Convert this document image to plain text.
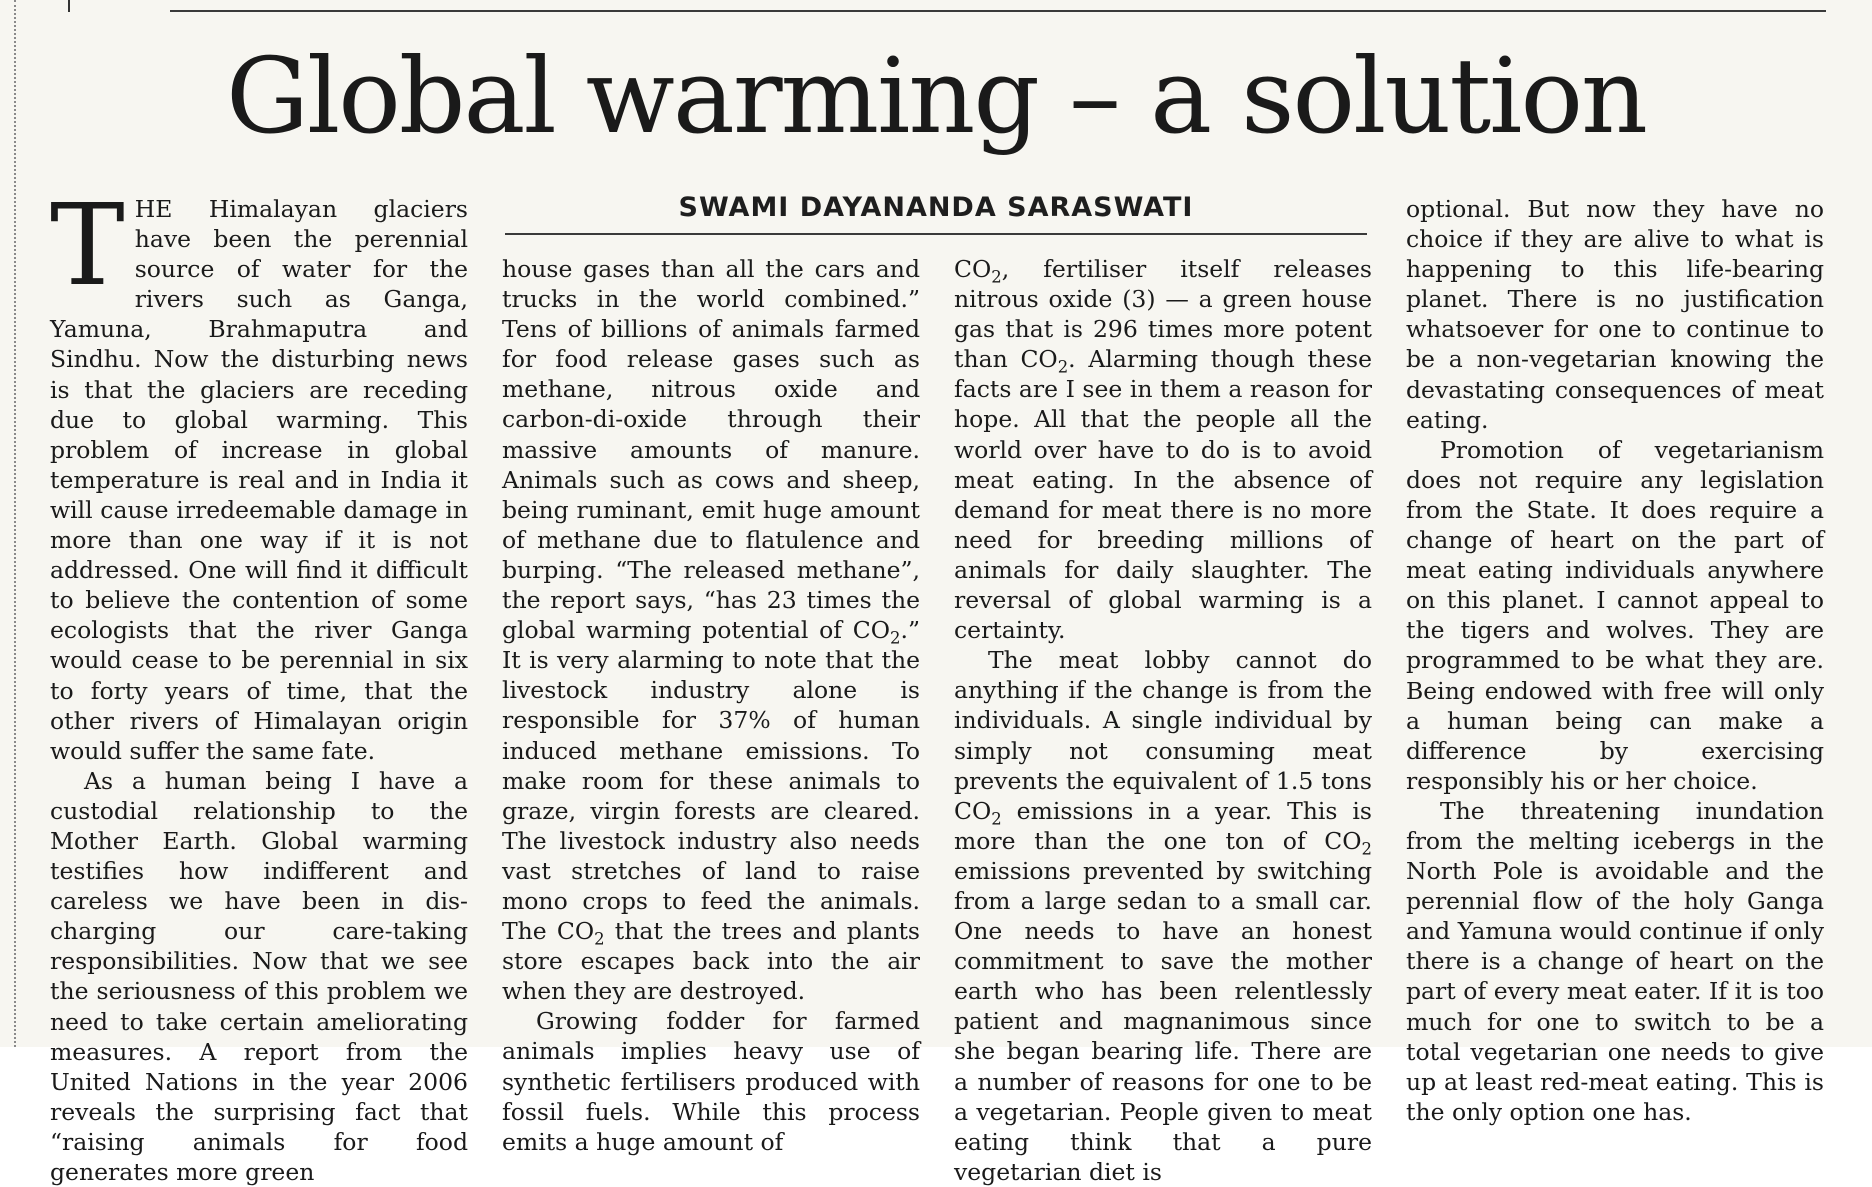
Global warming – a solution
SWAMI DAYANANDA SARASWATI

THE Himalayan glaciers have been the perennial source of water for the rivers such as Ganga, Yamuna, Brahmaputra and Sindhu. Now the disturbing news is that the glaciers are receding due to global warming. This problem of increase in global temperature is real and in India it will cause irredeemable damage in more than one way if it is not addressed. One will find it difficult to believe the contention of some ecologists that the river Ganga would cease to be perennial in six to forty years of time, that the other rivers of Himalayan origin would suffer the same fate.

As a human being I have a custodial relationship to the Mother Earth. Global warming testifies how indifferent and careless we have been in discharging our care-taking responsibilities. Now that we see the seriousness of this problem we need to take certain ameliorating measures. A report from the United Nations in the year 2006 reveals the surprising fact that “raising animals for food generates more green

house gases than all the cars and trucks in the world combined.” Tens of billions of animals farmed for food release gases such as methane, nitrous oxide and carbon-di-oxide through their massive amounts of manure. Animals such as cows and sheep, being ruminant, emit huge amount of methane due to flatulence and burping. “The released methane”, the report says, “has 23 times the global warming potential of $CO_2$.” It is very alarming to note that the livestock industry alone is responsible for 37% of human induced methane emissions. To make room for these animals to graze, virgin forests are cleared. The livestock industry also needs vast stretches of land to raise mono crops to feed the animals. The $CO_2$ that the trees and plants store escapes back into the air when they are destroyed.

Growing fodder for farmed animals implies heavy use of synthetic fertilisers produced with fossil fuels. While this process emits a huge amount of

$CO_2$, fertiliser itself releases nitrous oxide (3) — a green house gas that is 296 times more potent than $CO_2$. Alarming though these facts are I see in them a reason for hope. All that the people all the world over have to do is to avoid meat eating. In the absence of demand for meat there is no more need for breeding millions of animals for daily slaughter. The reversal of global warming is a certainty.

The meat lobby cannot do anything if the change is from the individuals. A single individual by simply not consuming meat prevents the equivalent of 1.5 tons $CO_2$ emissions in a year. This is more than the one ton of $CO_2$ emissions prevented by switching from a large sedan to a small car. One needs to have an honest commitment to save the mother earth who has been relentlessly patient and magnanimous since she began bearing life. There are a number of reasons for one to be a vegetarian. People given to meat eating think that a pure vegetarian diet is

optional. But now they have no choice if they are alive to what is happening to this life-bearing planet. There is no justification whatsoever for one to continue to be a non-vegetarian knowing the devastating consequences of meat eating.

Promotion of vegetarianism does not require any legislation from the State. It does require a change of heart on the part of meat eating individuals anywhere on this planet. I cannot appeal to the tigers and wolves. They are programmed to be what they are. Being endowed with free will only a human being can make a difference by exercising responsibly his or her choice.

The threatening inundation from the melting icebergs in the North Pole is avoidable and the perennial flow of the holy Ganga and Yamuna would continue if only there is a change of heart on the part of every meat eater. If it is too much for one to switch to be a total vegetarian one needs to give up at least red-meat eating. This is the only option one has.
